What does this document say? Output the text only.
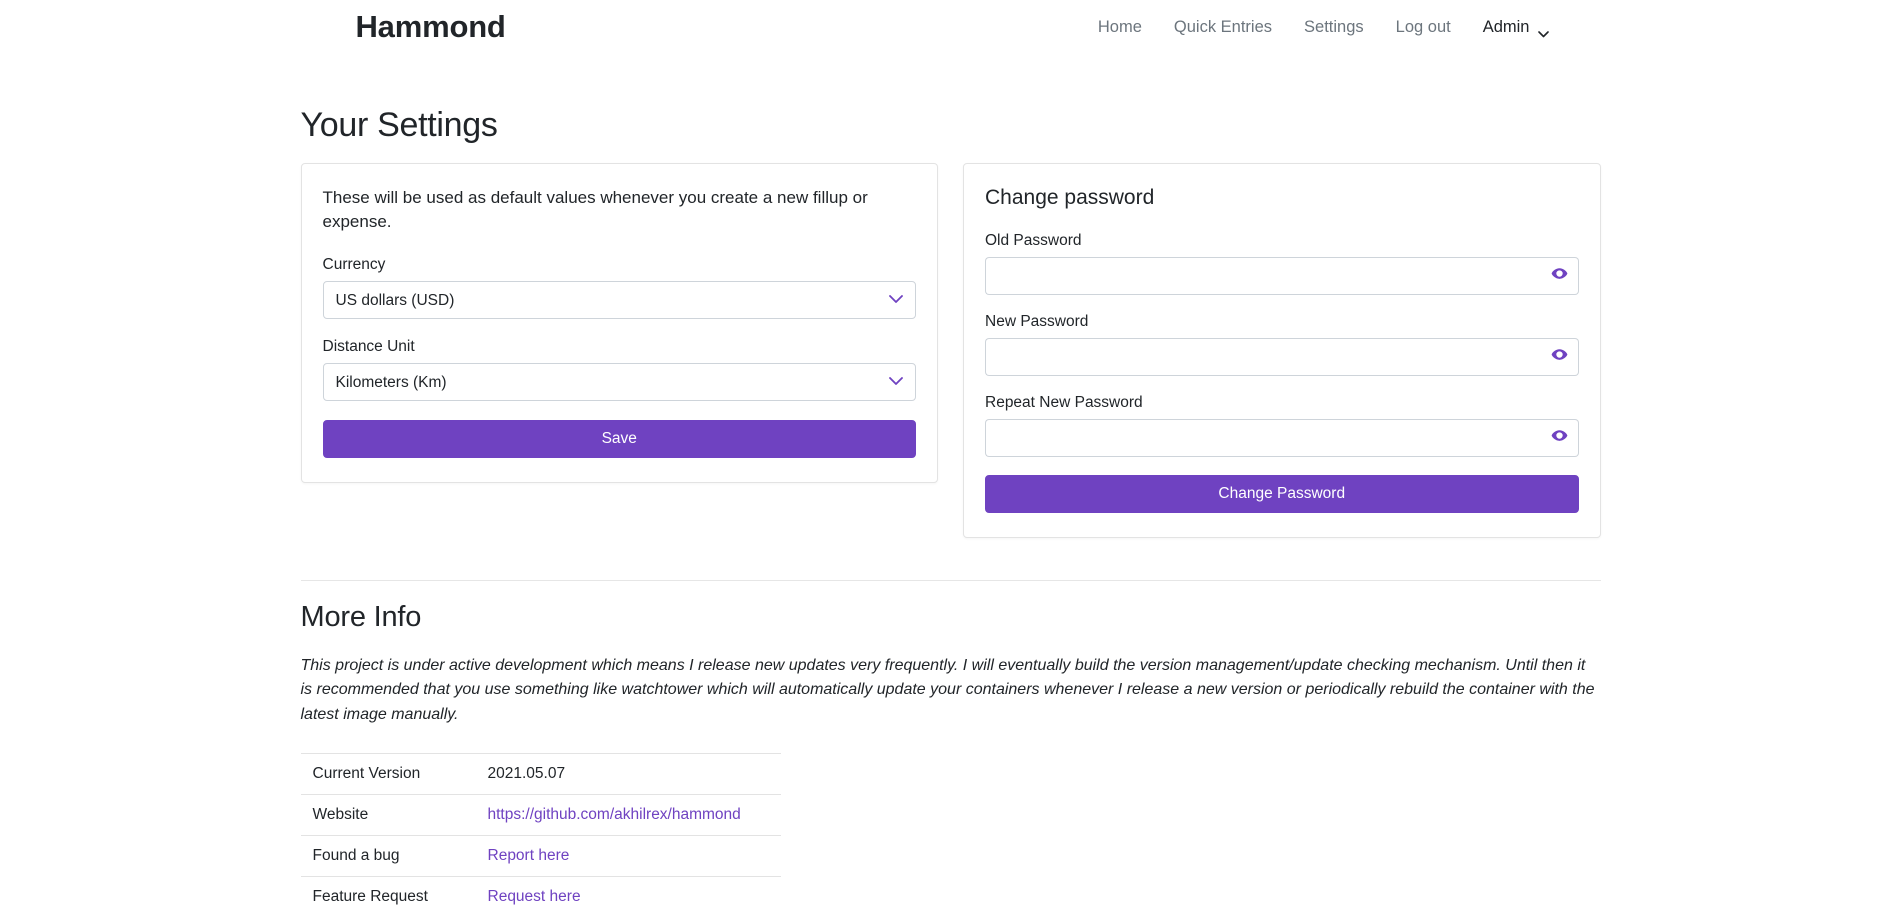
Hammond	Home	Quick Entries	Settings	Log out	Admin
Your Settings

These will be used as default values whenever you create a new fillup or expense.

Currency
US dollars (USD)
Distance Unit
Kilometers (Km)
Save
Change password
Old Password
New Password
Repeat New Password
Change Password
More Info

This project is under active development which means I release new updates very frequently. I will eventually build the version management/update checking mechanism. Until then it is recommended that you use something like watchtower which will automatically update your containers whenever I release a new version or periodically rebuild the container with the latest image manually.

Current Version	2021.05.07
Website	https://github.com/akhilrex/hammond
Found a bug	Report here
Feature Request	Request here
